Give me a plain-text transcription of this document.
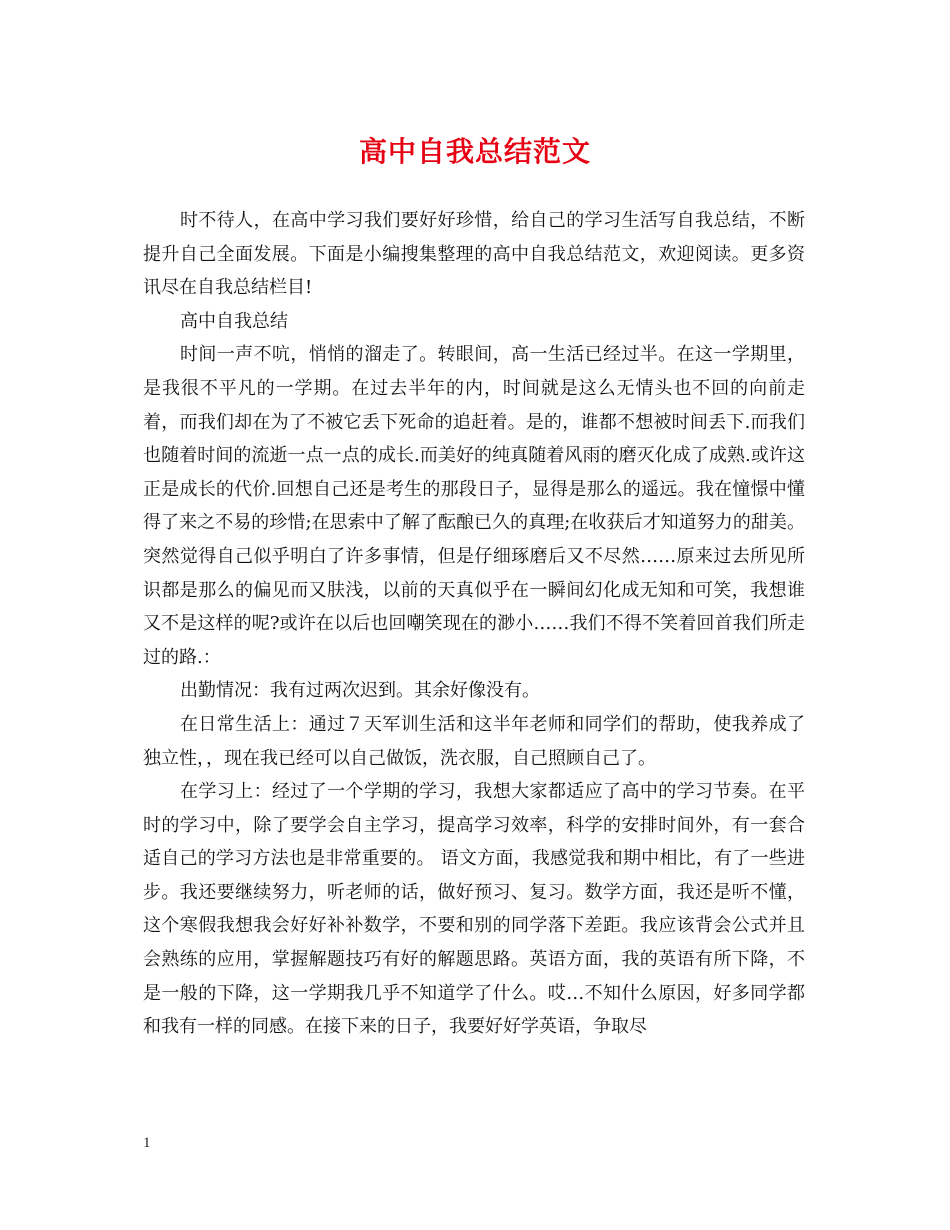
高中自我总结范文

时不待人，在高中学习我们要好好珍惜，给自己的学习生活写自我总结，不断提升自己全面发展。下面是小编搜集整理的高中自我总结范文，欢迎阅读。更多资讯尽在自我总结栏目!

高中自我总结

时间一声不吭，悄悄的溜走了。转眼间，高一生活已经过半。在这一学期里，是我很不平凡的一学期。在过去半年的内，时间就是这么无情头也不回的向前走着，而我们却在为了不被它丢下死命的追赶着。是的，谁都不想被时间丢下.而我们也随着时间的流逝一点一点的成长.而美好的纯真随着风雨的磨灭化成了成熟.或许这正是成长的代价.回想自己还是考生的那段日子，显得是那么的遥远。我在憧憬中懂得了来之不易的珍惜;在思索中了解了酝酿已久的真理;在收获后才知道努力的甜美。突然觉得自己似乎明白了许多事情，但是仔细琢磨后又不尽然……原来过去所见所识都是那么的偏见而又肤浅，以前的天真似乎在一瞬间幻化成无知和可笑，我想谁又不是这样的呢?或许在以后也回嘲笑现在的渺小……我们不得不笑着回首我们所走过的路.：

出勤情况：我有过两次迟到。其余好像没有。

在日常生活上：通过７天军训生活和这半年老师和同学们的帮助，使我养成了独立性，，现在我已经可以自己做饭，洗衣服，自己照顾自己了。

在学习上：经过了一个学期的学习，我想大家都适应了高中的学习节奏。在平时的学习中，除了要学会自主学习，提高学习效率，科学的安排时间外，有一套合适自己的学习方法也是非常重要的。 语文方面，我感觉我和期中相比，有了一些进步。我还要继续努力，听老师的话，做好预习、复习。数学方面，我还是听不懂，这个寒假我想我会好好补补数学，不要和别的同学落下差距。我应该背会公式并且会熟练的应用，掌握解题技巧有好的解题思路。英语方面，我的英语有所下降，不是一般的下降，这一学期我几乎不知道学了什么。哎…不知什么原因，好多同学都和我有一样的同感。在接下来的日子，我要好好学英语，争取尽

1
